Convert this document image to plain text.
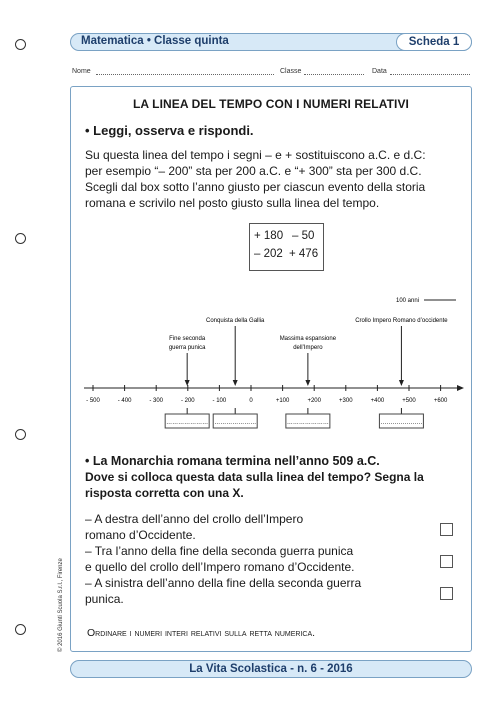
Matematica • Classe quinta	Scheda 1
Nome	Classe	Data
LA LINEA DEL TEMPO CON I NUMERI RELATIVI
• Leggi, osserva e rispondi.
Su questa linea del tempo i segni – e + sostituiscono a.C. e d.C:
per esempio “– 200” sta per 200 a.C. e “+ 300” sta per 300 d.C.
Scegli dal box sotto l’anno giusto per ciascun evento della storia
romana e scrivilo nel posto giusto sulla linea del tempo.
+ 180 – 50
– 202 + 476
• La Monarchia romana termina nell’anno 509 a.C.
Dove si colloca questa data sulla linea del tempo? Segna la
risposta corretta con una X.
– A destra dell’anno del crollo dell’Impero
romano d’Occidente.
– Tra l’anno della fine della seconda guerra punica
e quello del crollo dell’Impero romano d’Occidente.
– A sinistra dell’anno della fine della seconda guerra
punica.
Ordinare i numeri interi relativi sulla retta numerica.
- 500	- 400	- 300	- 200	- 100	0	+100	+200	+300	+400	+500	+600
100 anni
Fine seconda
guerra punica
…………………
Conquista della Gallia
…………………
Massima espansione
dell’Impero
…………………
Crollo Impero Romano d’occidente
…………………
La Vita Scolastica - n. 6 - 2016
© 2016 Giunti Scuola S.r.l., Firenze
